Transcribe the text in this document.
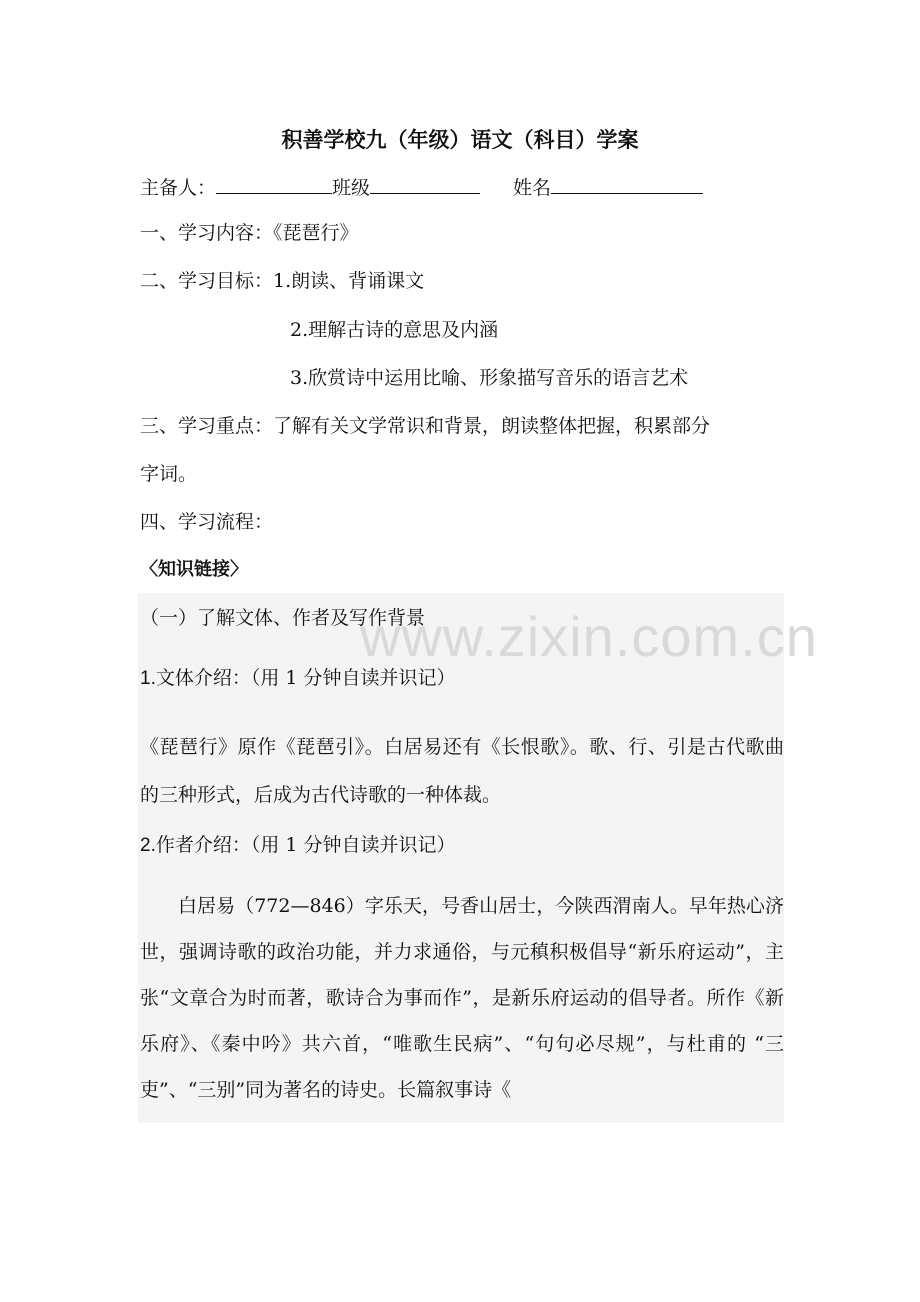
www.zixin.com.cn
积善学校九（年级）语文（科目）学案
主备人：	班级	姓名
一、学习内容：《琵琶行》
二、学习目标：1.朗读、背诵课文
2.理解古诗的意思及内涵
3.欣赏诗中运用比喻、形象描写音乐的语言艺术
三、学习重点：了解有关文学常识和背景，朗读整体把握，积累部分
字词。
四、学习流程：
〈知识链接〉
（一）了解文体、作者及写作背景
1.文体介绍：（用 1 分钟自读并识记）
《琵琶行》原作《琵琶引》。白居易还有《长恨歌》。歌、行、引是古代歌曲的三种形式，后成为古代诗歌的一种体裁。
2.作者介绍：（用 1 分钟自读并识记）
白居易（772—846）字乐天，号香山居士，今陕西渭南人。早年热心济世，强调诗歌的政治功能，并力求通俗，与元稹积极倡导“新乐府运动”，主张“文章合为时而著，歌诗合为事而作”，是新乐府运动的倡导者。所作《新乐府》、《秦中吟》共六首，“唯歌生民病”、“句句必尽规”，与杜甫的 “三吏”、“三别”同为著名的诗史。长篇叙事诗《
